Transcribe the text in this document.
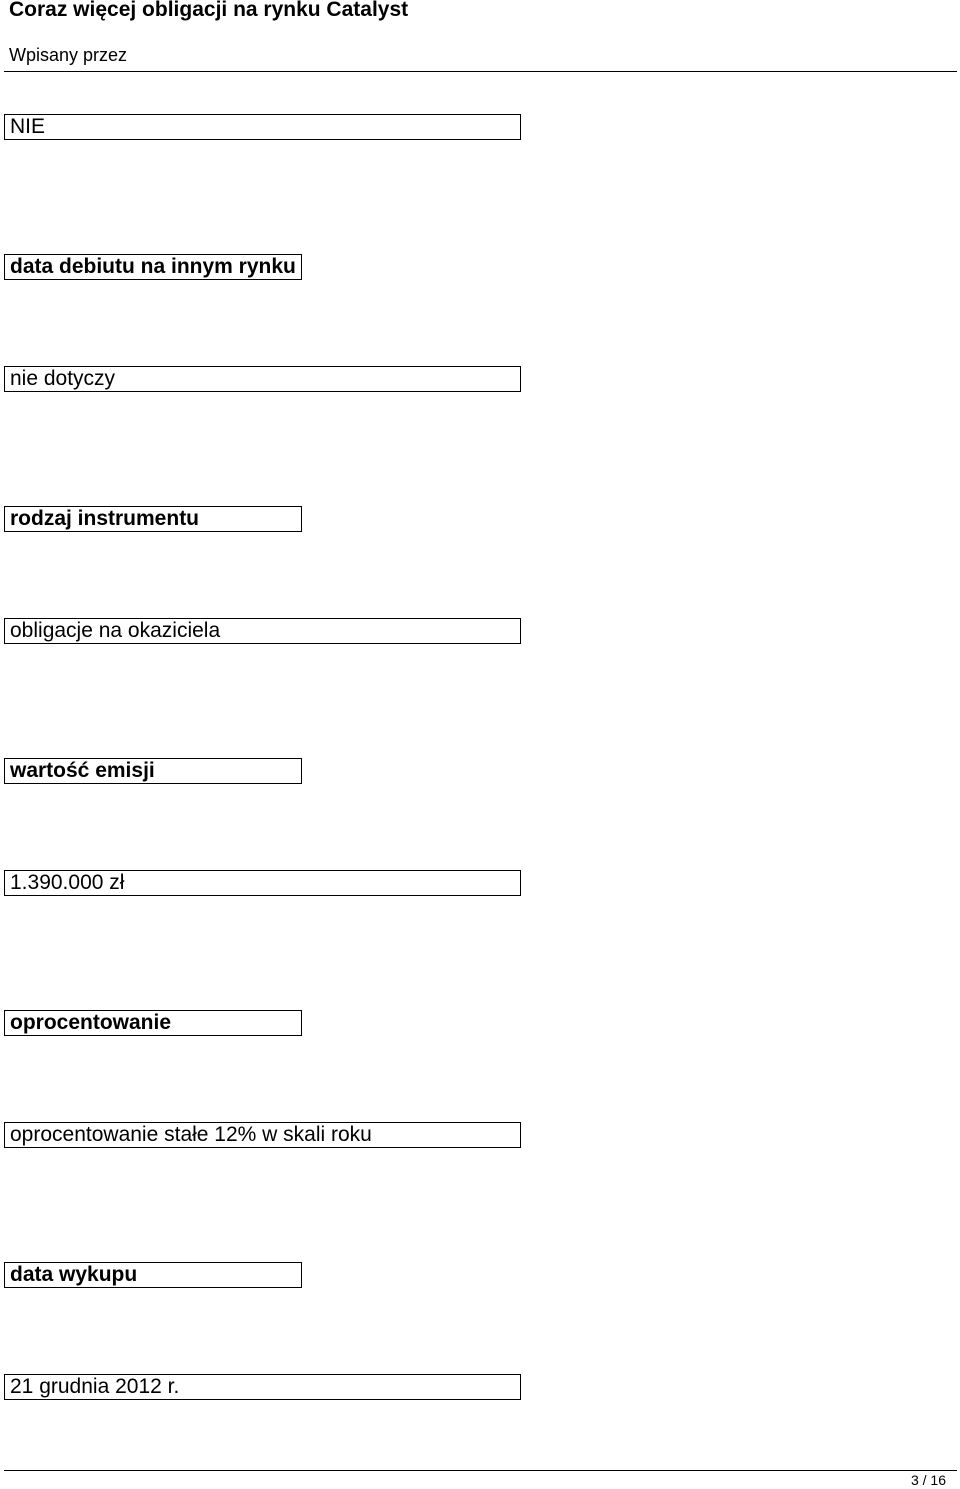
Coraz więcej obligacji na rynku Catalyst
Wpisany przez
NIE
data debiutu na innym rynku
nie dotyczy
rodzaj instrumentu
obligacje na okaziciela
wartość emisji
1.390.000 zł
oprocentowanie
oprocentowanie stałe 12% w skali roku
data wykupu
21 grudnia 2012 r.
3 / 16
